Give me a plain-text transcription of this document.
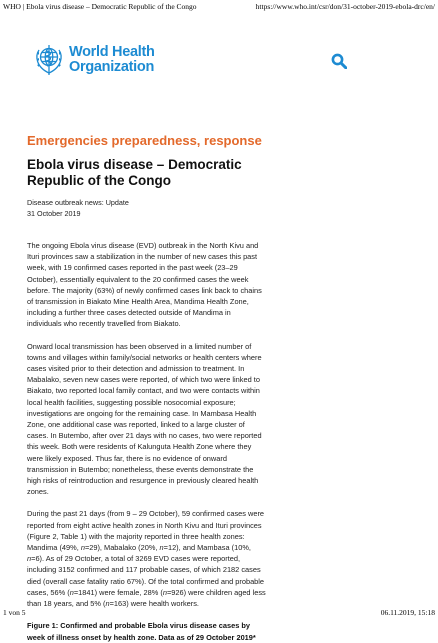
WHO | Ebola virus disease – Democratic Republic of the Congo	https://www.who.int/csr/don/31-october-2019-ebola-drc/en/
World Health
Organization

Emergencies preparedness, response

Ebola virus disease – Democratic Republic of the Congo
Disease outbreak news: Update
31 October 2019

The ongoing Ebola virus disease (EVD) outbreak in the North Kivu and Ituri provinces saw a stabilization in the number of new cases this past week, with 19 confirmed cases reported in the past week (23–29 October), essentially equivalent to the 20 confirmed cases the week before. The majority (63%) of newly confirmed cases link back to chains of transmission in Biakato Mine Health Area, Mandima Health Zone, including a further three cases detected outside of Mandima in individuals who recently travelled from Biakato.

Onward local transmission has been observed in a limited number of towns and villages within family/social networks or health centers where cases visited prior to their detection and admission to treatment. In Mabalako, seven new cases were reported, of which two were linked to Biakato, two reported local family contact, and two were contacts within local health facilities, suggesting possible nosocomial exposure; investigations are ongoing for the remaining case. In Mambasa Health Zone, one additional case was reported, linked to a large cluster of cases. In Butembo, after over 21 days with no cases, two were reported this week. Both were residents of Kalunguta Health Zone where they were likely exposed. Thus far, there is no evidence of onward transmission in Butembo; nonetheless, these events demonstrate the high risks of reintroduction and resurgence in previously cleared health zones.

During the past 21 days (from 9 – 29 October), 59 confirmed cases were reported from eight active health zones in North Kivu and Ituri provinces (Figure 2, Table 1) with the majority reported in three health zones: Mandima (49%, n=29), Mabalako (20%, n=12), and Mambasa (10%, n=6). As of 29 October, a total of 3269 EVD cases were reported, including 3152 confirmed and 117 probable cases, of which 2182 cases died (overall case fatality ratio 67%). Of the total confirmed and probable cases, 56% (n=1841) were female, 28% (n=926) were children aged less than 18 years, and 5% (n=163) were health workers.

Figure 1: Confirmed and probable Ebola virus disease cases by week of illness onset by health zone. Data as of 29 October 2019*

1 von 5	06.11.2019, 15:18
